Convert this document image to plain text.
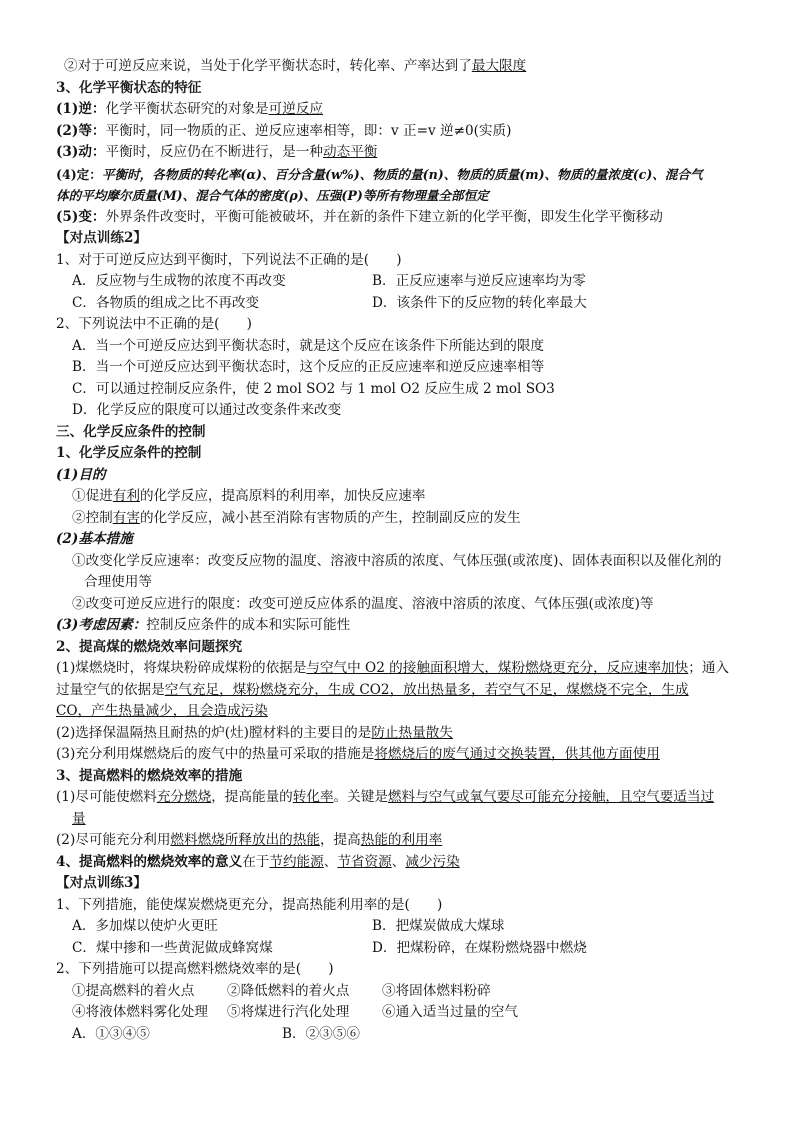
②对于可逆反应来说，当处于化学平衡状态时，转化率、产率达到了最大限度
3、化学平衡状态的特征
(1)逆：化学平衡状态研究的对象是可逆反应
(2)等：平衡时，同一物质的正、逆反应速率相等，即：v 正=v 逆≠0(实质)
(3)动：平衡时，反应仍在不断进行，是一种动态平衡
(4)定：平衡时，各物质的转化率(α)、百分含量(w%)、物质的量(n)、物质的质量(m)、物质的量浓度(c)、混合气
体的平均摩尔质量(M)、混合气体的密度(ρ)、压强(P)等所有物理量全部恒定
(5)变：外界条件改变时，平衡可能被破坏，并在新的条件下建立新的化学平衡，即发生化学平衡移动
【对点训练2】
1、对于可逆反应达到平衡时，下列说法不正确的是(　　)
A．反应物与生成物的浓度不再改变	B．正反应速率与逆反应速率均为零
C．各物质的组成之比不再改变	D．该条件下的反应物的转化率最大
2、下列说法中不正确的是(　　)
A．当一个可逆反应达到平衡状态时，就是这个反应在该条件下所能达到的限度
B．当一个可逆反应达到平衡状态时，这个反应的正反应速率和逆反应速率相等
C．可以通过控制反应条件，使 2 mol SO2 与 1 mol O2 反应生成 2 mol SO3
D．化学反应的限度可以通过改变条件来改变
三、化学反应条件的控制
1、化学反应条件的控制
(1)目的
①促进有利的化学反应，提高原料的利用率，加快反应速率
②控制有害的化学反应，减小甚至消除有害物质的产生，控制副反应的发生
(2)基本措施
①改变化学反应速率：改变反应物的温度、溶液中溶质的浓度、气体压强(或浓度)、固体表面积以及催化剂的
合理使用等
②改变可逆反应进行的限度：改变可逆反应体系的温度、溶液中溶质的浓度、气体压强(或浓度)等
(3)考虑因素：控制反应条件的成本和实际可能性
2、提高煤的燃烧效率问题探究
(1)煤燃烧时，将煤块粉碎成煤粉的依据是与空气中 O2 的接触面积增大，煤粉燃烧更充分，反应速率加快；通入
过量空气的依据是空气充足，煤粉燃烧充分，生成 CO2，放出热量多，若空气不足，煤燃烧不完全，生成
CO，产生热量减少，且会造成污染
(2)选择保温隔热且耐热的炉(灶)膛材料的主要目的是防止热量散失
(3)充分利用煤燃烧后的废气中的热量可采取的措施是将燃烧后的废气通过交换装置，供其他方面使用
3、提高燃料的燃烧效率的措施
(1)尽可能使燃料充分燃烧，提高能量的转化率。关键是燃料与空气或氧气要尽可能充分接触，且空气要适当过
量
(2)尽可能充分利用燃料燃烧所释放出的热能，提高热能的利用率
4、提高燃料的燃烧效率的意义在于节约能源、节省资源、减少污染
【对点训练3】
1、下列措施，能使煤炭燃烧更充分，提高热能利用率的是(　　)
A．多加煤以使炉火更旺	B．把煤炭做成大煤球
C．煤中掺和一些黄泥做成蜂窝煤	D．把煤粉碎，在煤粉燃烧器中燃烧
2、下列措施可以提高燃料燃烧效率的是(　　)
①提高燃料的着火点 ②降低燃料的着火点 ③将固体燃料粉碎
④将液体燃料雾化处理 ⑤将煤进行汽化处理 ⑥通入适当过量的空气
A．①③④⑤	B．②③⑤⑥
